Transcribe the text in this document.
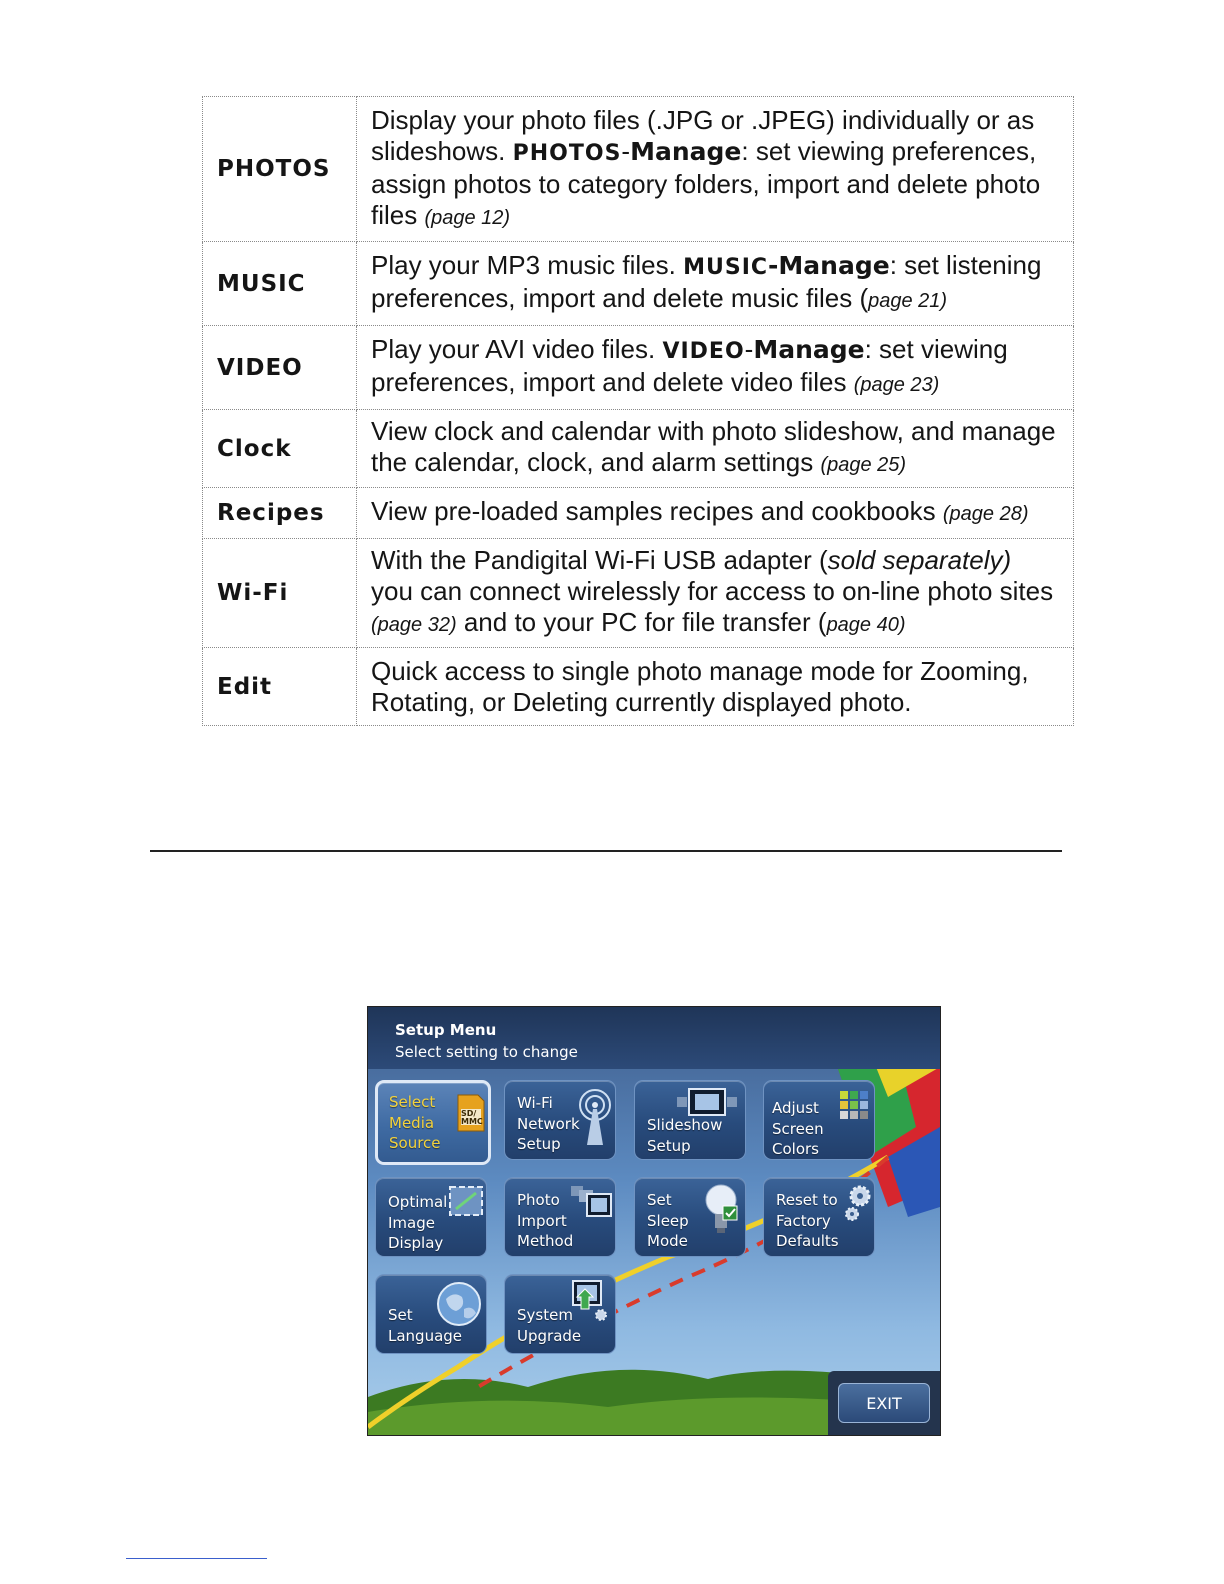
PHOTOS	Display your photo files (.JPG or .JPEG) individually or as slideshows. PHOTOS-Manage: set viewing preferences, assign photos to category folders, import and delete photo files (page 12)
MUSIC	Play your MP3 music files. MUSIC-Manage: set listening preferences, import and delete music files (page 21)
VIDEO	Play your AVI video files. VIDEO-Manage: set viewing preferences, import and delete video files (page 23)
Clock	View clock and calendar with photo slideshow, and manage the calendar, clock, and alarm settings (page 25)
Recipes	View pre-loaded samples recipes and cookbooks (page 28)
Wi-Fi	With the Pandigital Wi-Fi USB adapter (sold separately) you can connect wirelessly for access to on-line photo sites (page 32) and to your PC for file transfer (page 40)
Edit	Quick access to single photo manage mode for Zooming, Rotating, or Deleting currently displayed photo.
Setup Menu
Select setting to change
Select
Media
Source
SD/
MMC
Wi-Fi
Network
Setup
Slideshow
Setup
Adjust
Screen
Colors
Optimal
Image
Display
Photo
Import
Method
Set
Sleep
Mode
Reset to
Factory
Defaults
Set
Language
System
Upgrade
EXIT
